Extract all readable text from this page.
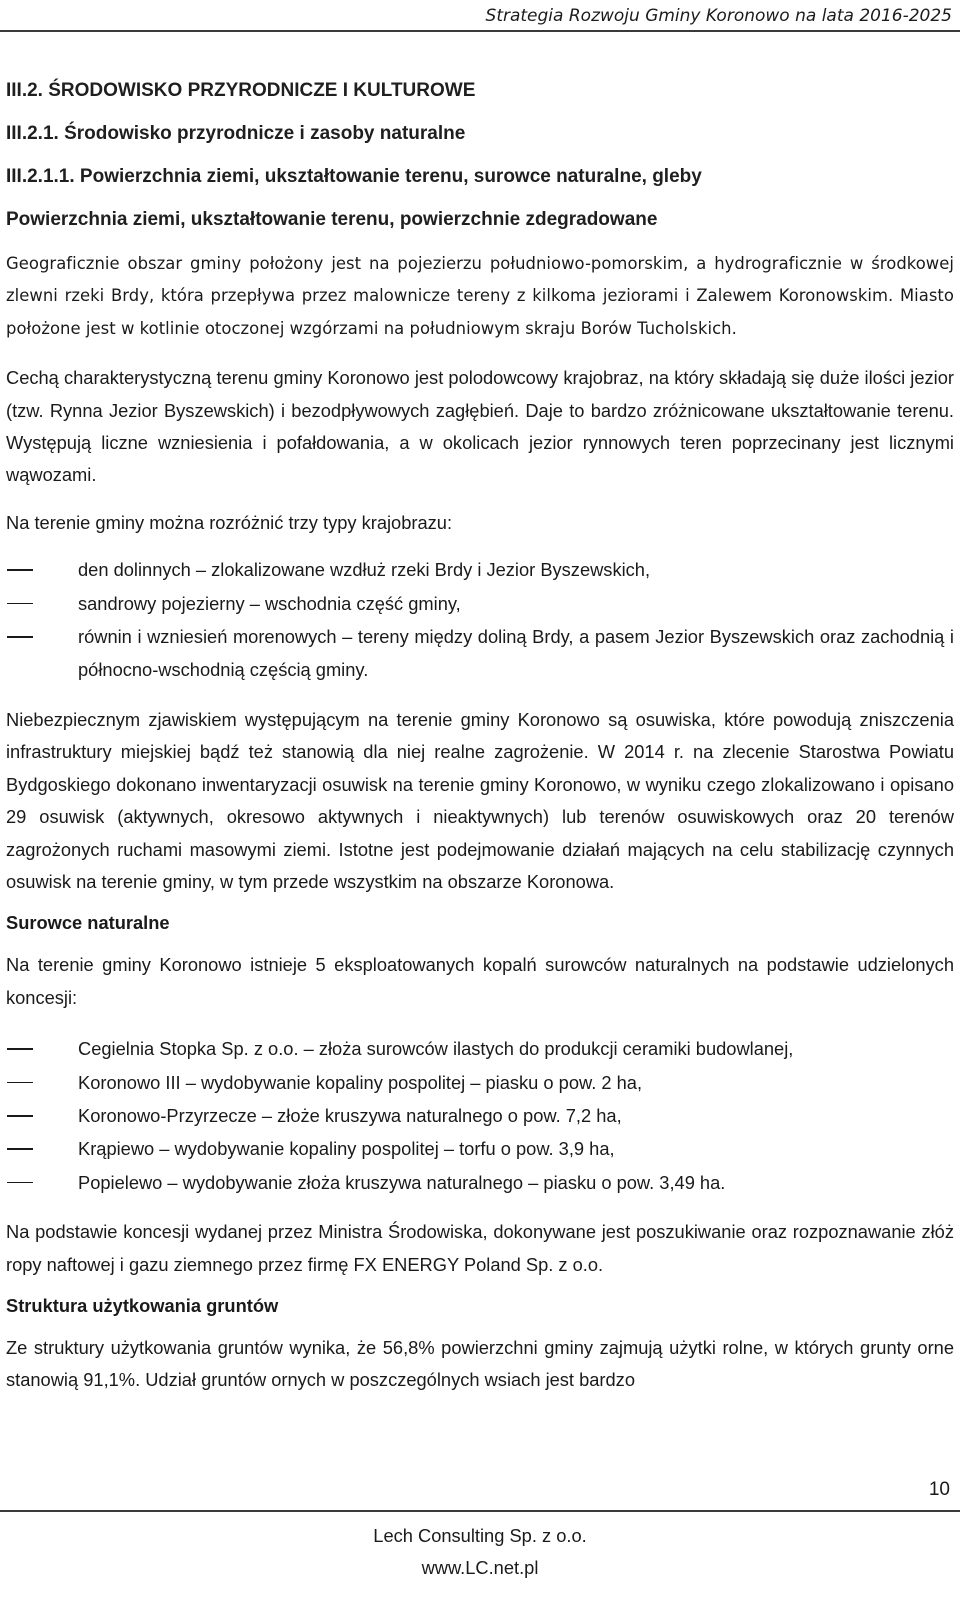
Strategia Rozwoju Gminy Koronowo na lata 2016-2025
III.2. ŚRODOWISKO PRZYRODNICZE I KULTUROWE
III.2.1. Środowisko przyrodnicze i zasoby naturalne
III.2.1.1. Powierzchnia ziemi, ukształtowanie terenu, surowce naturalne, gleby
Powierzchnia ziemi, ukształtowanie terenu, powierzchnie zdegradowane

Geograficznie obszar gminy położony jest na pojezierzu południowo-pomorskim, a hydrograficznie w środkowej zlewni rzeki Brdy, która przepływa przez malownicze tereny z kilkoma jeziorami i Zalewem Koronowskim. Miasto położone jest w kotlinie otoczonej wzgórzami na południowym skraju Borów Tucholskich.

Cechą charakterystyczną terenu gminy Koronowo jest polodowcowy krajobraz, na który składają się duże ilości jezior (tzw. Rynna Jezior Byszewskich) i bezodpływowych zagłębień. Daje to bardzo zróżnicowane ukształtowanie terenu. Występują liczne wzniesienia i pofałdowania, a w okolicach jezior rynnowych teren poprzecinany jest licznymi wąwozami.

Na terenie gminy można rozróżnić trzy typy krajobrazu:

den dolinnych – zlokalizowane wzdłuż rzeki Brdy i Jezior Byszewskich,
sandrowy pojezierny – wschodnia część gminy,
równin i wzniesień morenowych – tereny między doliną Brdy, a pasem Jezior Byszewskich oraz zachodnią i północno-wschodnią częścią gminy.

Niebezpiecznym zjawiskiem występującym na terenie gminy Koronowo są osuwiska, które powodują zniszczenia infrastruktury miejskiej bądź też stanowią dla niej realne zagrożenie. W 2014 r. na zlecenie Starostwa Powiatu Bydgoskiego dokonano inwentaryzacji osuwisk na terenie gminy Koronowo, w wyniku czego zlokalizowano i opisano 29 osuwisk (aktywnych, okresowo aktywnych i nieaktywnych) lub terenów osuwiskowych oraz 20 terenów zagrożonych ruchami masowymi ziemi. Istotne jest podejmowanie działań mających na celu stabilizację czynnych osuwisk na terenie gminy, w tym przede wszystkim na obszarze Koronowa.

Surowce naturalne

Na terenie gminy Koronowo istnieje 5 eksploatowanych kopalń surowców naturalnych na podstawie udzielonych koncesji:

Cegielnia Stopka Sp. z o.o. – złoża surowców ilastych do produkcji ceramiki budowlanej,
Koronowo III – wydobywanie kopaliny pospolitej – piasku o pow. 2 ha,
Koronowo-Przyrzecze – złoże kruszywa naturalnego o pow. 7,2 ha,
Krąpiewo – wydobywanie kopaliny pospolitej – torfu o pow. 3,9 ha,
Popielewo – wydobywanie złoża kruszywa naturalnego – piasku o pow. 3,49 ha.

Na podstawie koncesji wydanej przez Ministra Środowiska, dokonywane jest poszukiwanie oraz rozpoznawanie złóż ropy naftowej i gazu ziemnego przez firmę FX ENERGY Poland Sp. z o.o.

Struktura użytkowania gruntów

Ze struktury użytkowania gruntów wynika, że 56,8% powierzchni gminy zajmują użytki rolne, w których grunty orne stanowią 91,1%. Udział gruntów ornych w poszczególnych wsiach jest bardzo

10
Lech Consulting Sp. z o.o.
www.LC.net.pl
